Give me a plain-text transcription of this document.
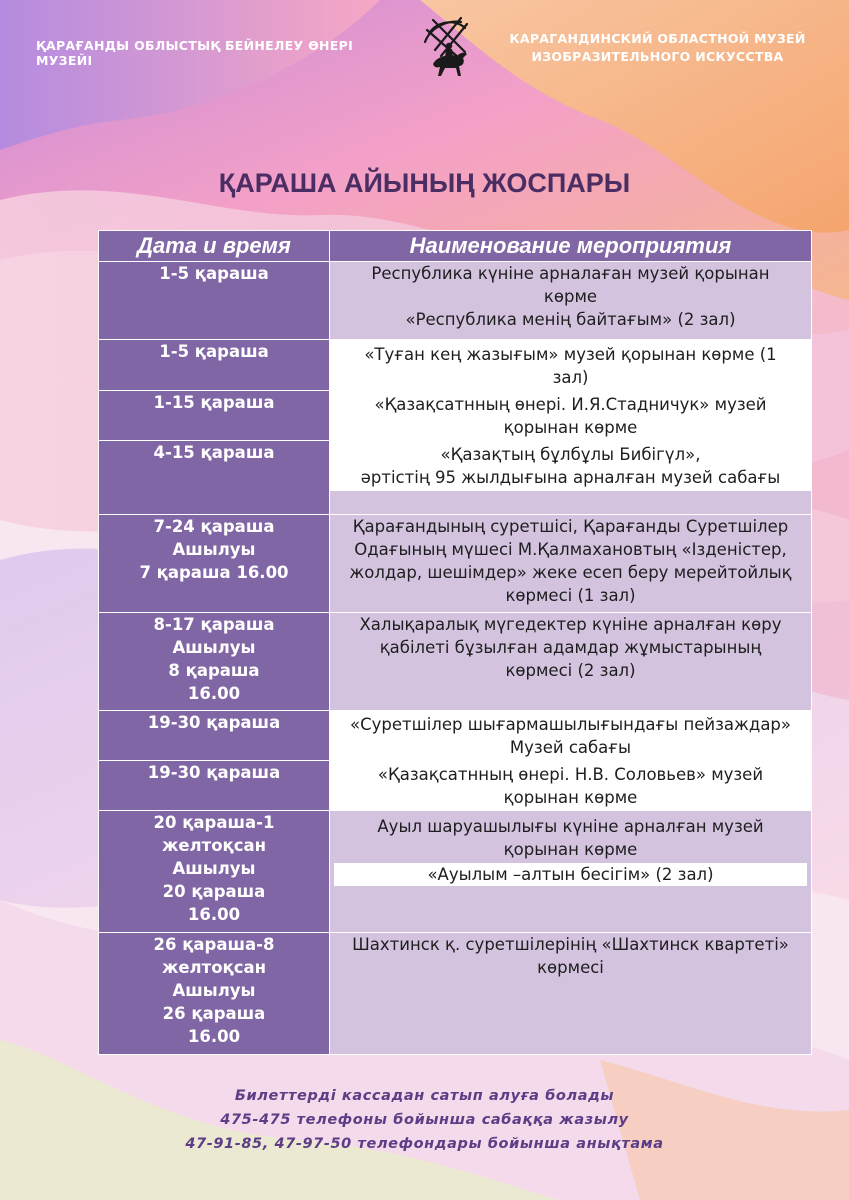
ҚАРАҒАНДЫ ОБЛЫСТЫҚ БЕЙНЕЛЕУ ӨНЕРІ МУЗЕЙІ
КАРАГАНДИНСКИЙ ОБЛАСТНОЙ МУЗЕЙ
ИЗОБРАЗИТЕЛЬНОГО ИСКУССТВА
ҚАРАША АЙЫНЫҢ ЖОСПАРЫ
Дата и время	Наименование мероприятия
1-5 қараша	Республика күніне арналаған музей қорынан
көрме
«Республика менің байтағым» (2 зал)

1-5 қараша	«Туған кең жазығым» музей қорынан көрме (1
зал)

1-15 қараша	«Қазақсатнның өнері. И.Я.Стадничук» музей
қорынан көрме

4-15 қараша	«Қазақтың бұлбұлы Бибігүл»,
әртістің 95 жылдығына арналған музей сабағы

7-24 қараша
Ашылуы
7 қараша 16.00	Қарағандының суретшісі, Қарағанды Суретшілер
Одағының мүшесі М.Қалмахановтың «Ізденістер,
жолдар, шешімдер» жеке есеп беру мерейтойлық
көрмесі (1 зал)

8-17 қараша
Ашылуы
8 қараша
16.00	Халықаралық мүгедектер күніне арналған көру
қабілеті бұзылған адамдар жұмыстарының
көрмесі (2 зал)

19-30 қараша	«Суретшілер шығармашылығындағы пейзаждар»
Музей сабағы

19-30 қараша	«Қазақсатнның өнері. Н.В. Соловьев» музей
қорынан көрме

20 қараша-1
желтоқсан
Ашылуы
20 қараша
16.00	Ауыл шаруашылығы күніне арналған музей
қорынан көрме
«Ауылым –алтын бесігім» (2 зал)

26 қараша-8
желтоқсан
Ашылуы
26 қараша
16.00	Шахтинск қ. суретшілерінің «Шахтинск квартеті»
көрмесі
Билеттерді кассадан сатып алуға болады
475-475 телефоны бойынша сабаққа жазылу
47-91-85, 47-97-50 телефондары бойынша анықтама
